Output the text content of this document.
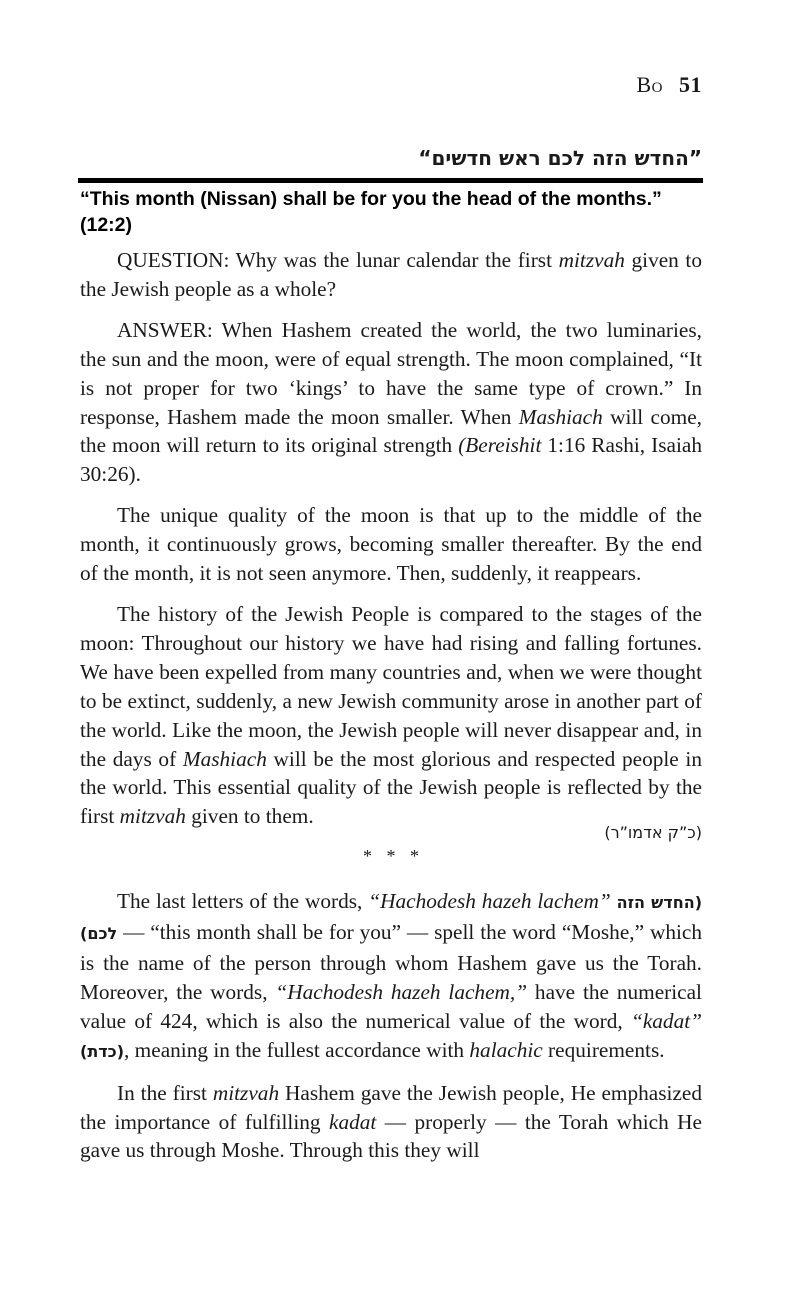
Bo 51
”החדש הזה לכם ראש חדשים“
“This month (Nissan) shall be for you the head of the months.” (12:2)

QUESTION: Why was the lunar calendar the first mitzvah given to the Jewish people as a whole?

ANSWER: When Hashem created the world, the two luminaries, the sun and the moon, were of equal strength. The moon complained, “It is not proper for two ‘kings’ to have the same type of crown.” In response, Hashem made the moon smaller. When Mashiach will come, the moon will return to its original strength (Bereishit 1:16 Rashi, Isaiah 30:26).

The unique quality of the moon is that up to the middle of the month, it continuously grows, becoming smaller thereafter. By the end of the month, it is not seen anymore. Then, suddenly, it reappears.

The history of the Jewish People is compared to the stages of the moon: Throughout our history we have had rising and falling fortunes. We have been expelled from many countries and, when we were thought to be extinct, suddenly, a new Jewish community arose in another part of the world. Like the moon, the Jewish people will never disappear and, in the days of Mashiach will be the most glorious and respected people in the world. This essential quality of the Jewish people is reflected by the first mitzvah given to them.

(כ”ק אדמו”ר)
* * *

The last letters of the words, “Hachodesh hazeh lachem” (החדש הזה לכם) — “this month shall be for you” — spell the word “Moshe,” which is the name of the person through whom Hashem gave us the Torah. Moreover, the words, “Hachodesh hazeh lachem,” have the numerical value of 424, which is also the numerical value of the word, “kadat” (כדת), meaning in the fullest accordance with halachic requirements.

In the first mitzvah Hashem gave the Jewish people, He emphasized the importance of fulfilling kadat — properly — the Torah which He gave us through Moshe. Through this they will
